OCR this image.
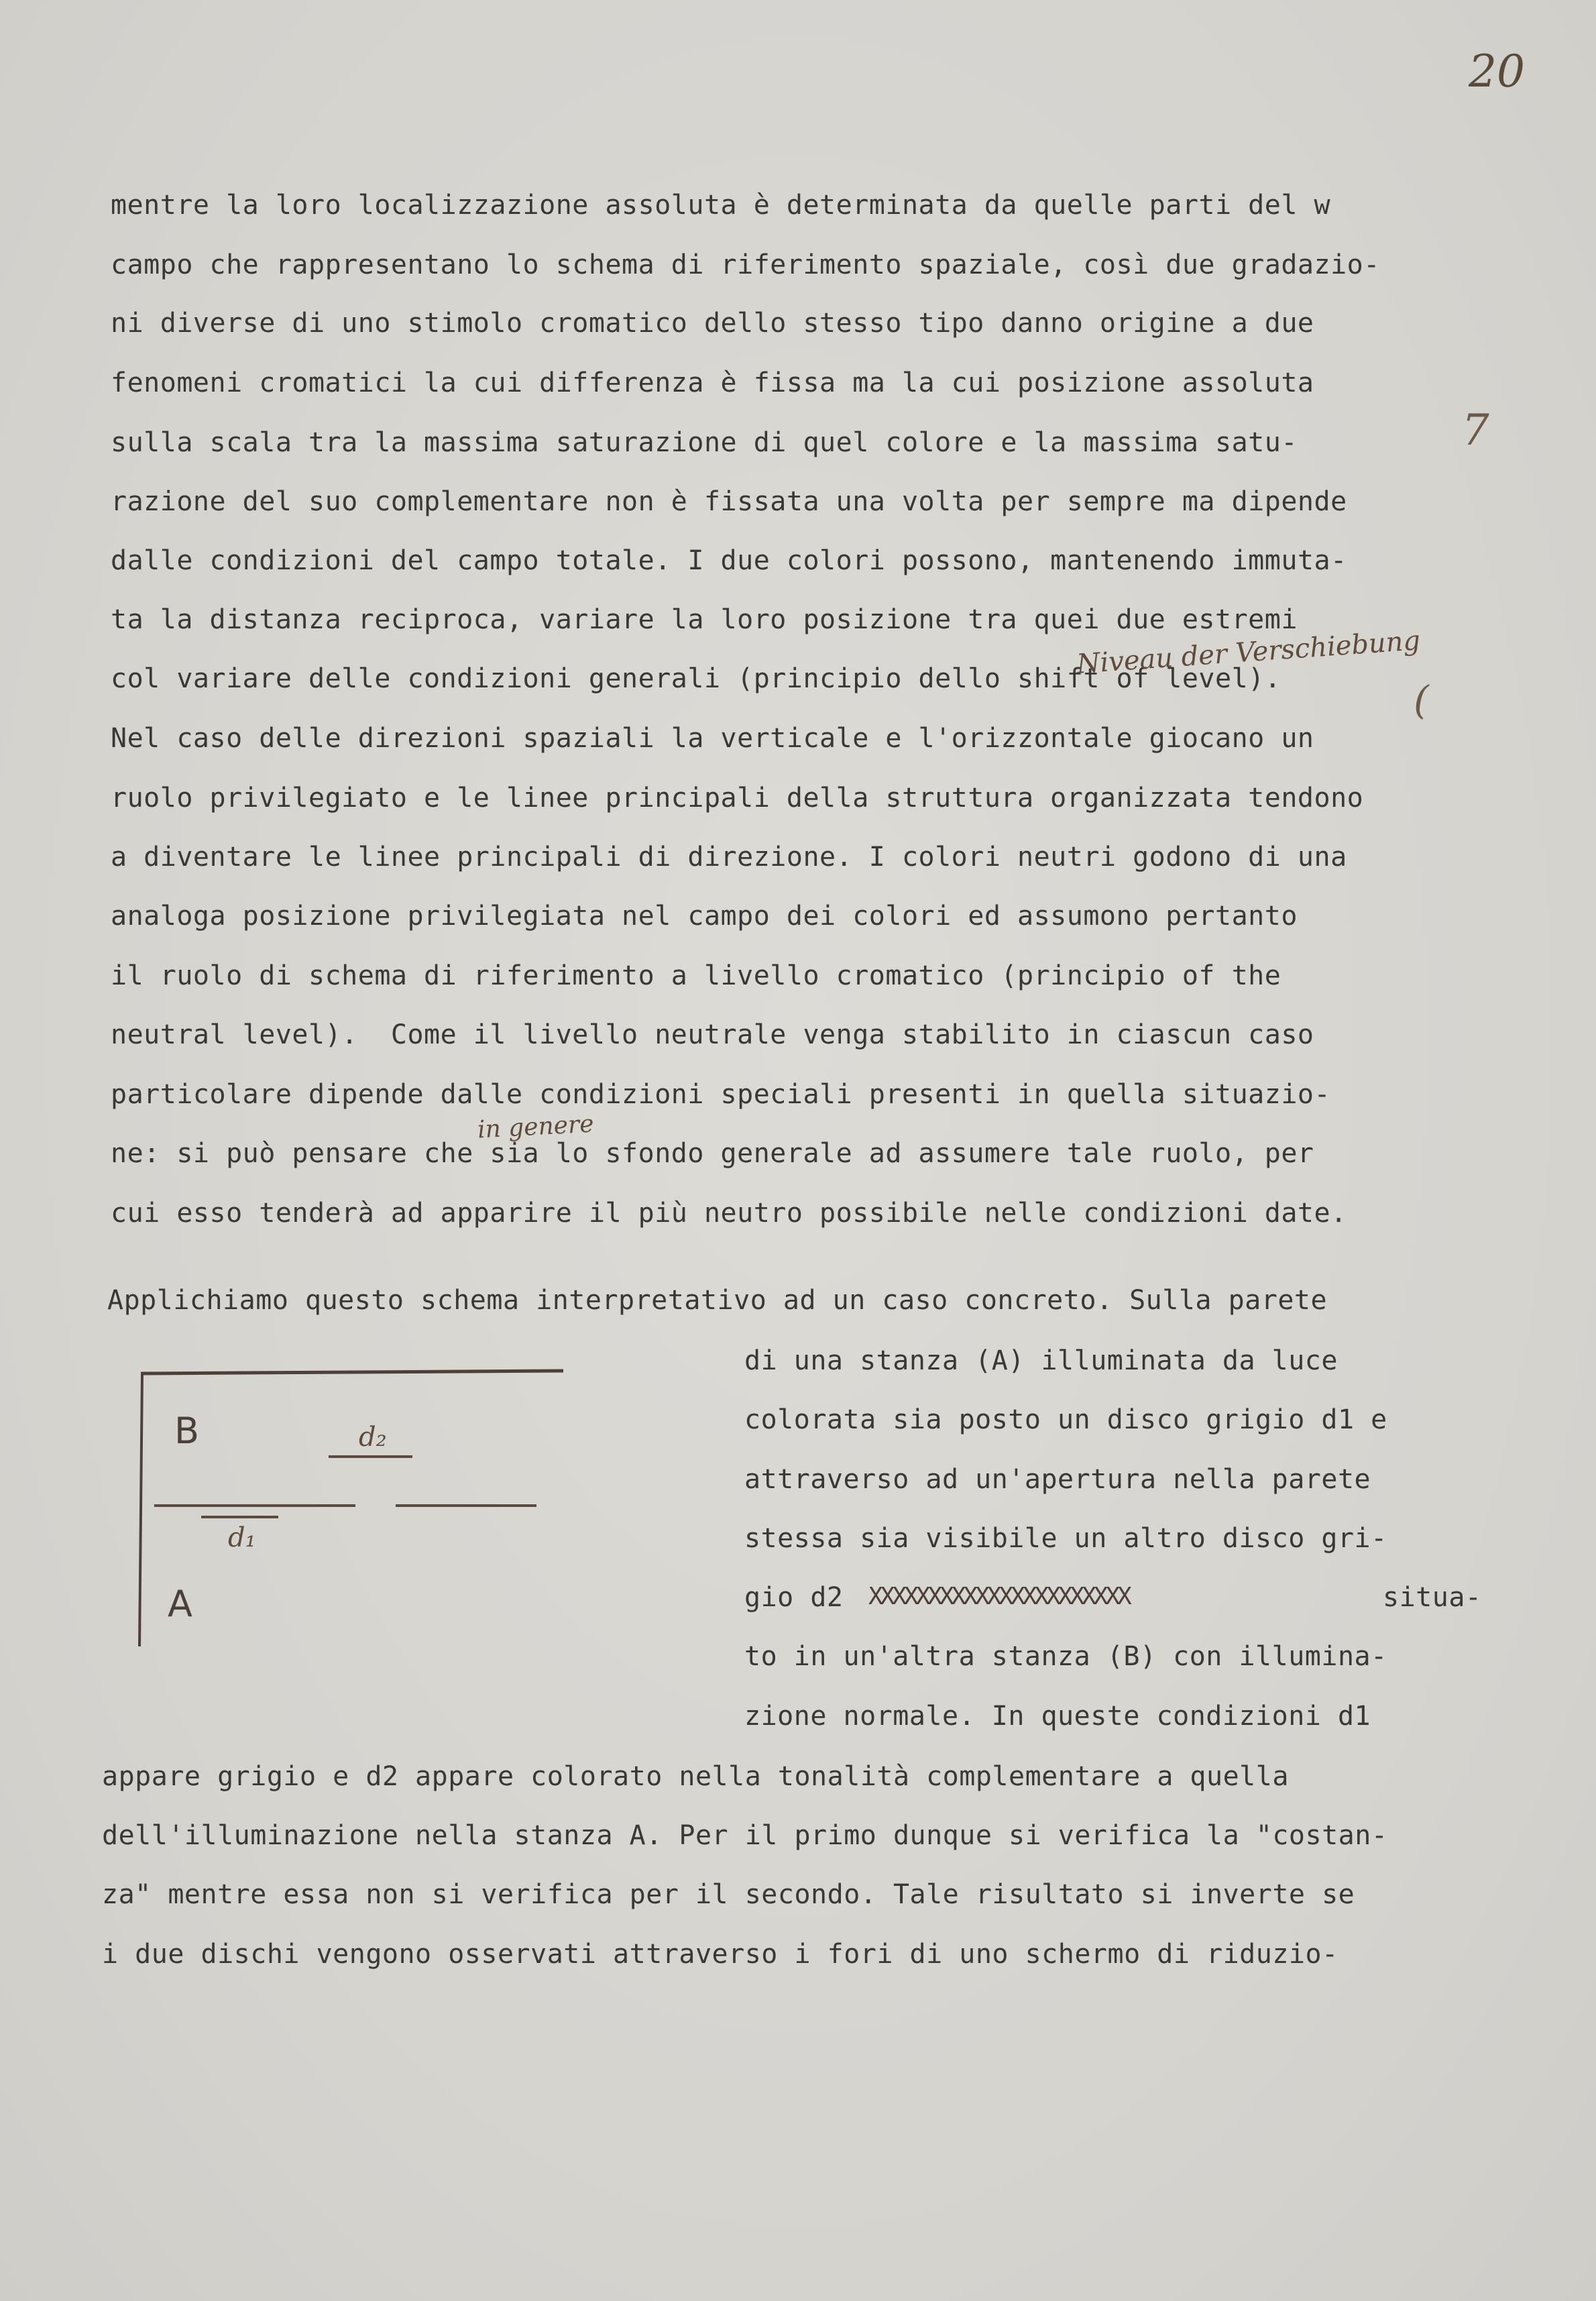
20
7
(
mentre la loro localizzazione assoluta è determinata da quelle parti del w
campo che rappresentano lo schema di riferimento spaziale, così due gradazio-
ni diverse di uno stimolo cromatico dello stesso tipo danno origine a due
fenomeni cromatici la cui differenza è fissa ma la cui posizione assoluta
sulla scala tra la massima saturazione di quel colore e la massima satu-
razione del suo complementare non è fissata una volta per sempre ma dipende
dalle condizioni del campo totale. I due colori possono, mantenendo immuta-
ta la distanza reciproca, variare la loro posizione tra quei due estremi
col variare delle condizioni generali (principio dello shift of level).
Nel caso delle direzioni spaziali la verticale e l'orizzontale giocano un
ruolo privilegiato e le linee principali della struttura organizzata tendono
a diventare le linee principali di direzione. I colori neutri godono di una
analoga posizione privilegiata nel campo dei colori ed assumono pertanto
il ruolo di schema di riferimento a livello cromatico (principio of the
neutral level).  Come il livello neutrale venga stabilito in ciascun caso
particolare dipende dalle condizioni speciali presenti in quella situazio-
ne: si può pensare che sia lo sfondo generale ad assumere tale ruolo, per
cui esso tenderà ad apparire il più neutro possibile nelle condizioni date.
Niveau der Verschiebung
in genere
Applichiamo questo schema interpretativo ad un caso concreto. Sulla parete
di una stanza (A) illuminata da luce
colorata sia posto un disco grigio d1 e
attraverso ad un'apertura nella parete
stessa sia visibile un altro disco gri-
gio d2
to in un'altra stanza (B) con illumina-
zione normale. In queste condizioni d1
XXXXXXXXXXXXXXXXXXXXXX	situa-
B
A
d₂
d₁
appare grigio e d2 appare colorato nella tonalità complementare a quella
dell'illuminazione nella stanza A. Per il primo dunque si verifica la "costan-
za" mentre essa non si verifica per il secondo. Tale risultato si inverte se
i due dischi vengono osservati attraverso i fori di uno schermo di riduzio-
